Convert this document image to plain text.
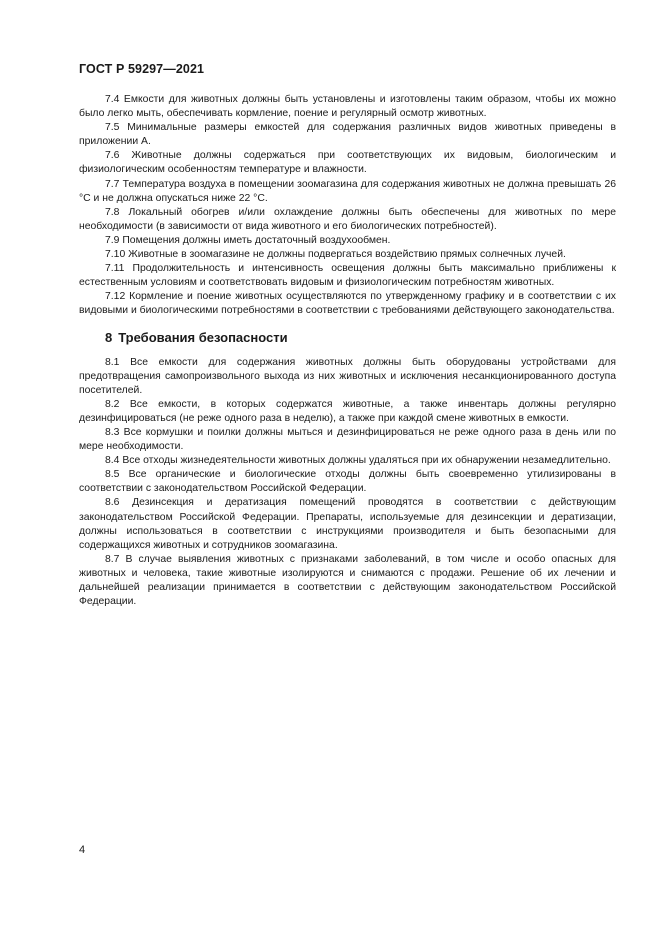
ГОСТ Р 59297—2021

7.4 Емкости для животных должны быть установлены и изготовлены таким образом, чтобы их можно было легко мыть, обеспечивать кормление, поение и регулярный осмотр животных.

7.5 Минимальные размеры емкостей для содержания различных видов животных приведены в приложении А.

7.6 Животные должны содержаться при соответствующих их видовым, биологическим и физиологическим особенностям температуре и влажности.

7.7 Температура воздуха в помещении зоомагазина для содержания животных не должна превышать 26 °С и не должна опускаться ниже 22 °С.

7.8 Локальный обогрев и/или охлаждение должны быть обеспечены для животных по мере необходимости (в зависимости от вида животного и его биологических потребностей).

7.9 Помещения должны иметь достаточный воздухообмен.

7.10 Животные в зоомагазине не должны подвергаться воздействию прямых солнечных лучей.

7.11 Продолжительность и интенсивность освещения должны быть максимально приближены к естественным условиям и соответствовать видовым и физиологическим потребностям животных.

7.12 Кормление и поение животных осуществляются по утвержденному графику и в соответствии с их видовыми и биологическими потребностями в соответствии с требованиями действующего законодательства.

8 Требования безопасности

8.1 Все емкости для содержания животных должны быть оборудованы устройствами для предотвращения самопроизвольного выхода из них животных и исключения несанкционированного доступа посетителей.

8.2 Все емкости, в которых содержатся животные, а также инвентарь должны регулярно дезинфицироваться (не реже одного раза в неделю), а также при каждой смене животных в емкости.

8.3 Все кормушки и поилки должны мыться и дезинфицироваться не реже одного раза в день или по мере необходимости.

8.4 Все отходы жизнедеятельности животных должны удаляться при их обнаружении незамедлительно.

8.5 Все органические и биологические отходы должны быть своевременно утилизированы в соответствии с законодательством Российской Федерации.

8.6 Дезинсекция и дератизация помещений проводятся в соответствии с действующим законодательством Российской Федерации. Препараты, используемые для дезинсекции и дератизации, должны использоваться в соответствии с инструкциями производителя и быть безопасными для содержащихся животных и сотрудников зоомагазина.

8.7 В случае выявления животных с признаками заболеваний, в том числе и особо опасных для животных и человека, такие животные изолируются и снимаются с продажи. Решение об их лечении и дальнейшей реализации принимается в соответствии с действующим законодательством Российской Федерации.

4
